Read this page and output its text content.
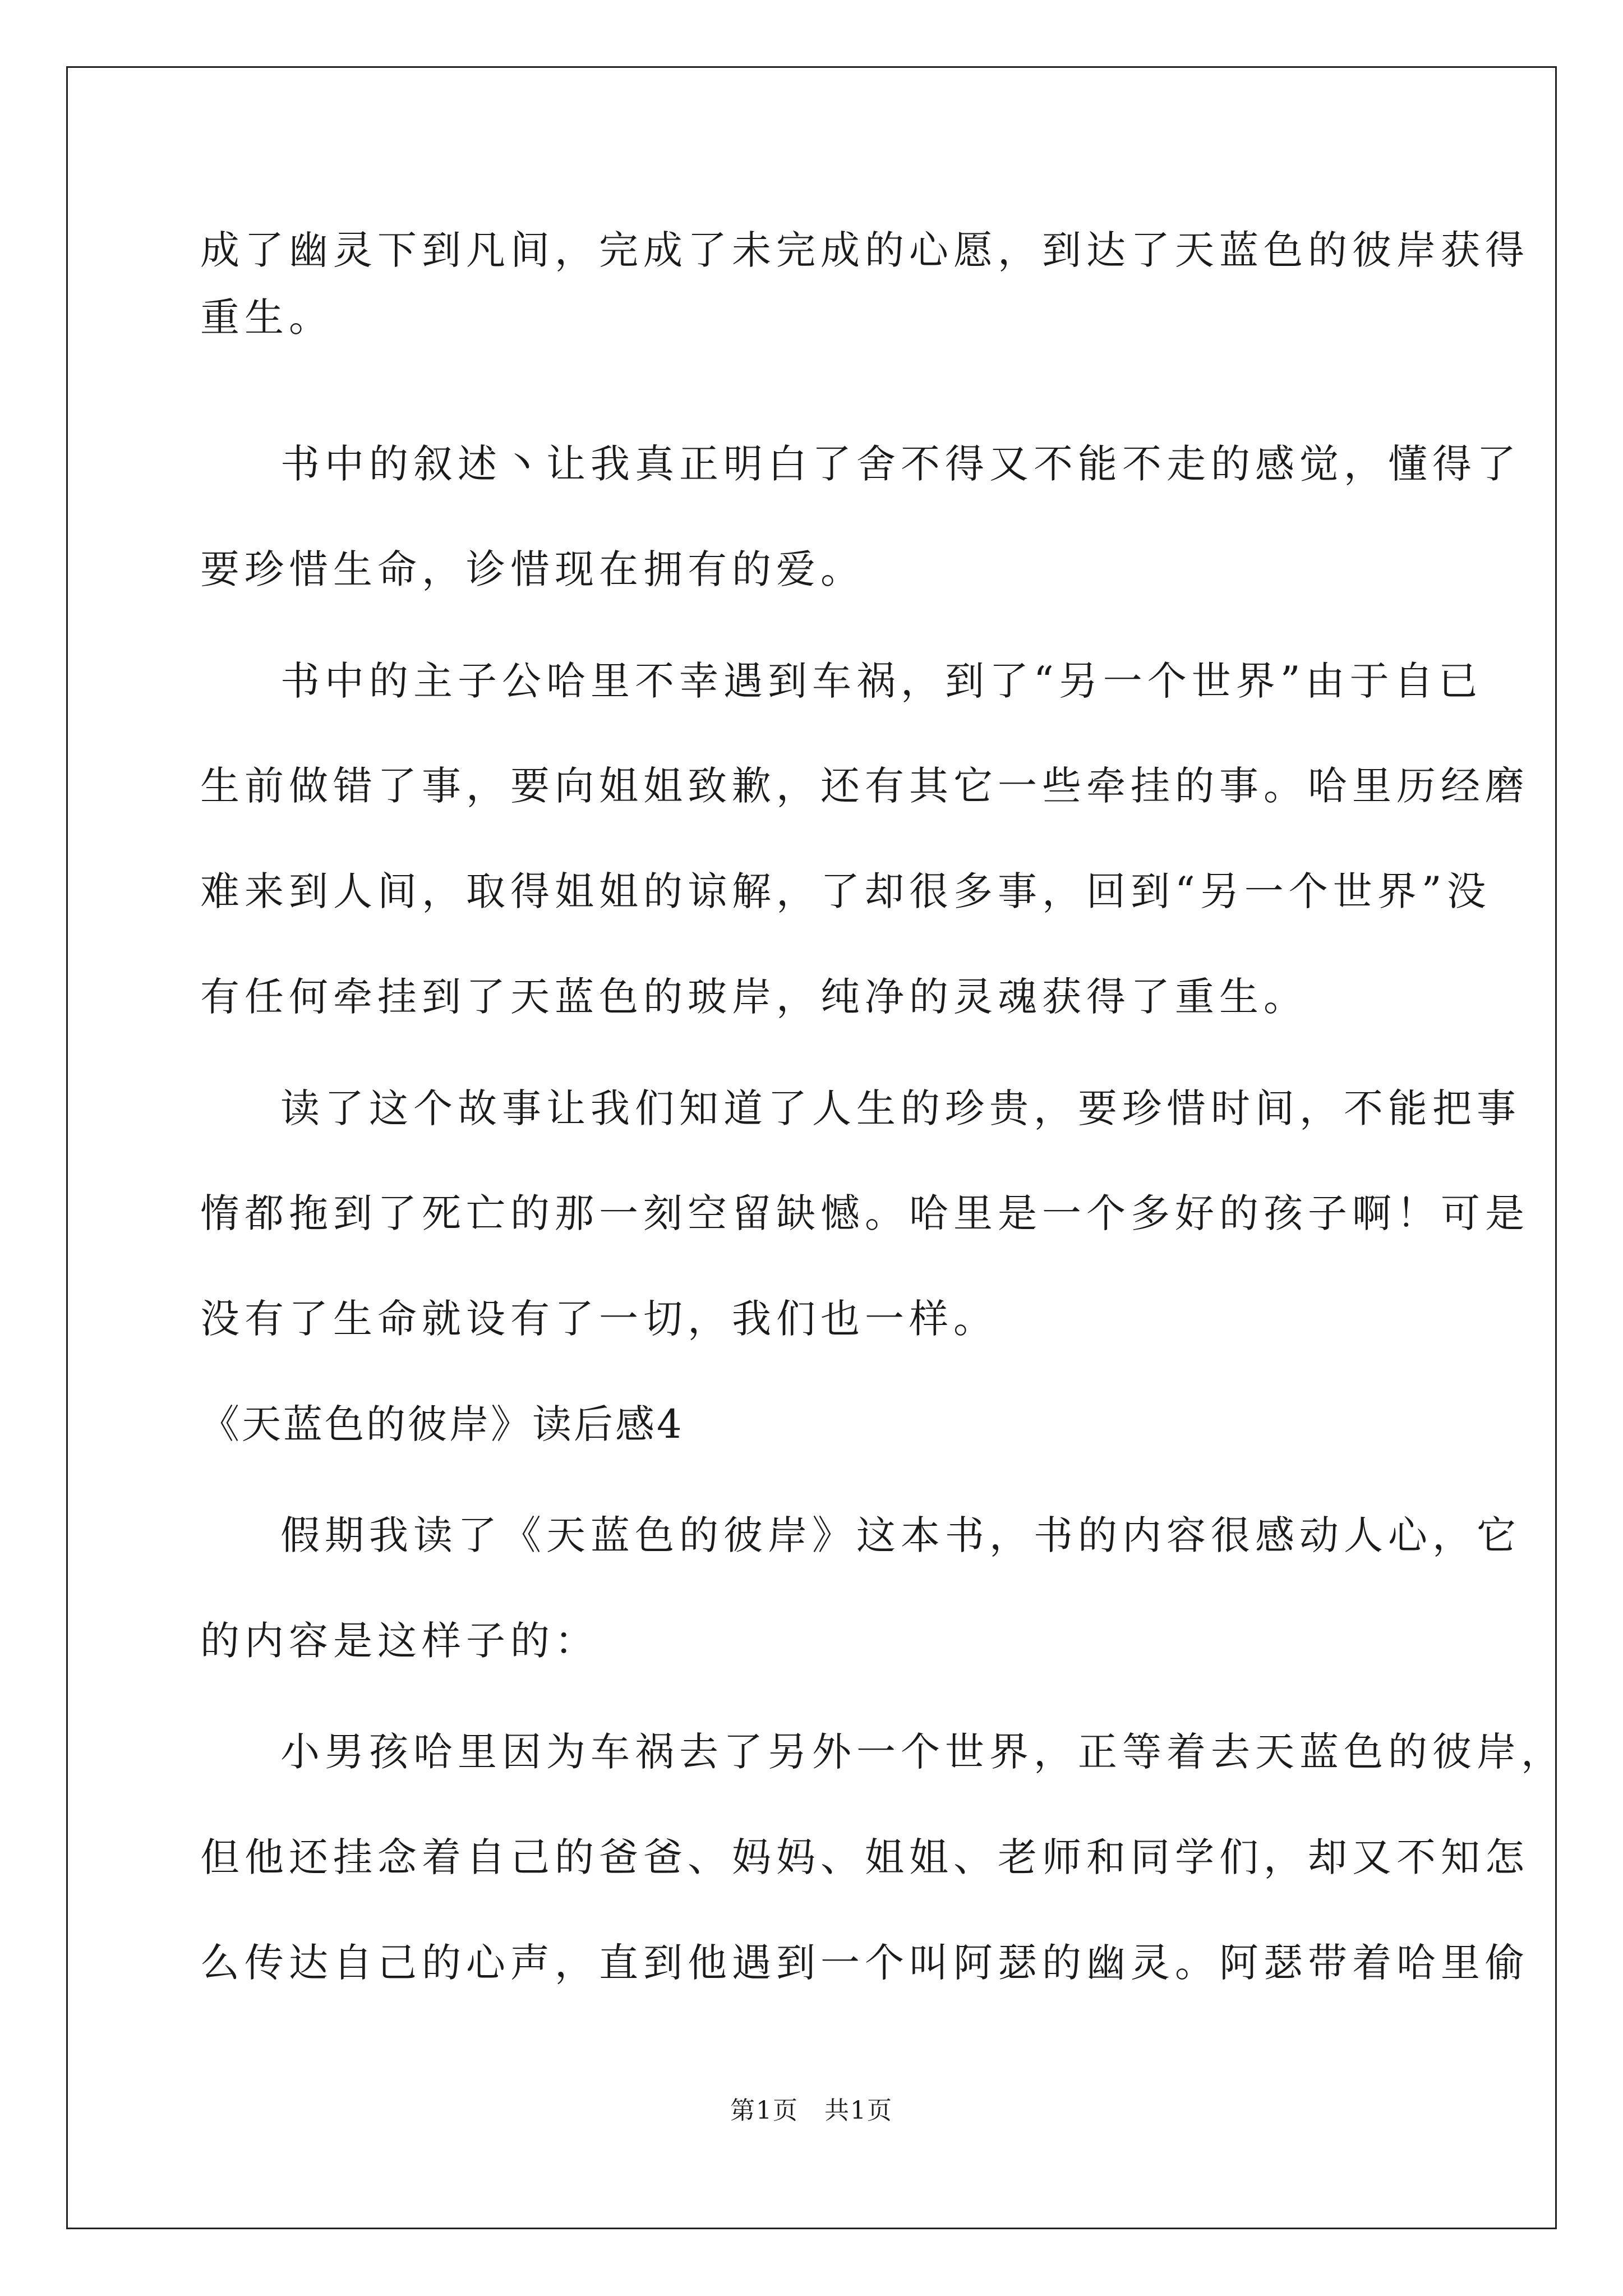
成了幽灵下到凡间，完成了未完成的心愿，到达了天蓝色的彼岸获得

重生。

书中的叙述丶让我真正明白了舍不得又不能不走的感觉，懂得了

要珍惜生命，诊惜现在拥有的爱。

书中的主子公哈里不幸遇到车祸，到了“另一个世界”由于自已

生前做错了事，要向姐姐致歉，还有其它一些牵挂的事。哈里历经磨

难来到人间，取得姐姐的谅解，了却很多事，回到“另一个世界”没

有任何牵挂到了天蓝色的玻岸，纯净的灵魂获得了重生。

读了这个故事让我们知道了人生的珍贵，要珍惜时间，不能把事

惰都拖到了死亡的那一刻空留缺憾。哈里是一个多好的孩子啊！可是

没有了生命就设有了一切，我们也一样。

《天蓝色的彼岸》读后感4

假期我读了《天蓝色的彼岸》这本书，书的内容很感动人心，它

的内容是这样子的：

小男孩哈里因为车祸去了另外一个世界，正等着去天蓝色的彼岸，

但他还挂念着自己的爸爸、妈妈、姐姐、老师和同学们，却又不知怎

么传达自己的心声，直到他遇到一个叫阿瑟的幽灵。阿瑟带着哈里偷

第1页　共1页
